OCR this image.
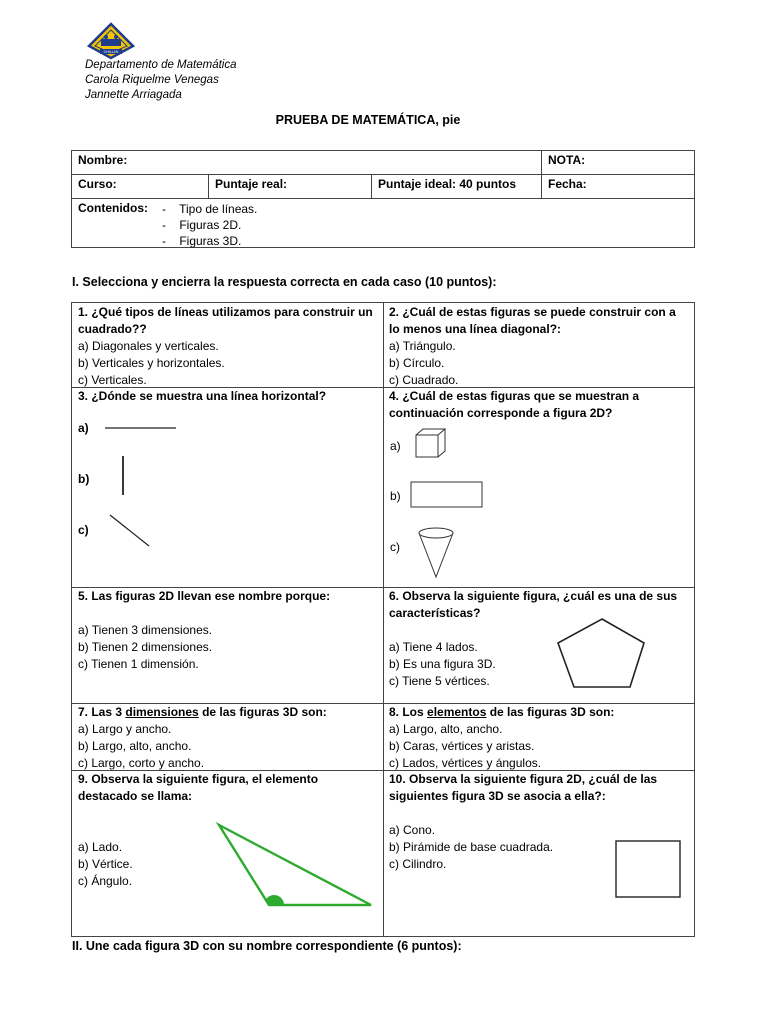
CHILLAN
Departamento de Matemática
Carola Riquelme Venegas
Jannette Arriagada
PRUEBA DE MATEMÁTICA, pie
Nombre:			NOTA:
Curso:	Puntaje real:	Puntaje ideal: 40 puntos	Fecha:

Contenidos: -    Tipo de líneas.
-    Figuras 2D.
-    Figuras 3D.			
I. Selecciona y encierra la respuesta correcta en cada caso (10 puntos):
1. ¿Qué tipos de líneas utilizamos para construir un cuadrado??
a) Diagonales y verticales.
b) Verticales y horizontales.
c) Verticales.
2. ¿Cuál de estas figuras se puede construir con a lo menos una línea diagonal?:
a) Triángulo.
b) Círculo.
c) Cuadrado.
3. ¿Dónde se muestra una línea horizontal?
a)
b)
c)
4. ¿Cuál de estas figuras que se muestran a continuación corresponde a figura 2D?
a)
b)
c)
5. Las figuras 2D llevan ese nombre porque:
a) Tienen 3 dimensiones.
b) Tienen 2 dimensiones.
c) Tienen 1 dimensión.
6. Observa la siguiente figura, ¿cuál es una de sus características?
a) Tiene 4 lados.
b) Es una figura 3D.
c) Tiene 5 vértices.
7. Las 3 dimensiones de las figuras 3D son:
a) Largo y ancho.
b) Largo, alto, ancho.
c) Largo, corto y ancho.
8. Los elementos de las figuras 3D son:
a) Largo, alto, ancho.
b) Caras, vértices y aristas.
c) Lados, vértices y ángulos.
9. Observa la siguiente figura, el elemento destacado se llama:
a) Lado.
b) Vértice.
c) Ángulo.
10. Observa la siguiente figura 2D, ¿cuál de las siguientes figura 3D se asocia a ella?:
a) Cono.
b) Pirámide de base cuadrada.
c) Cilindro.
II. Une cada figura 3D con su nombre correspondiente (6 puntos):
